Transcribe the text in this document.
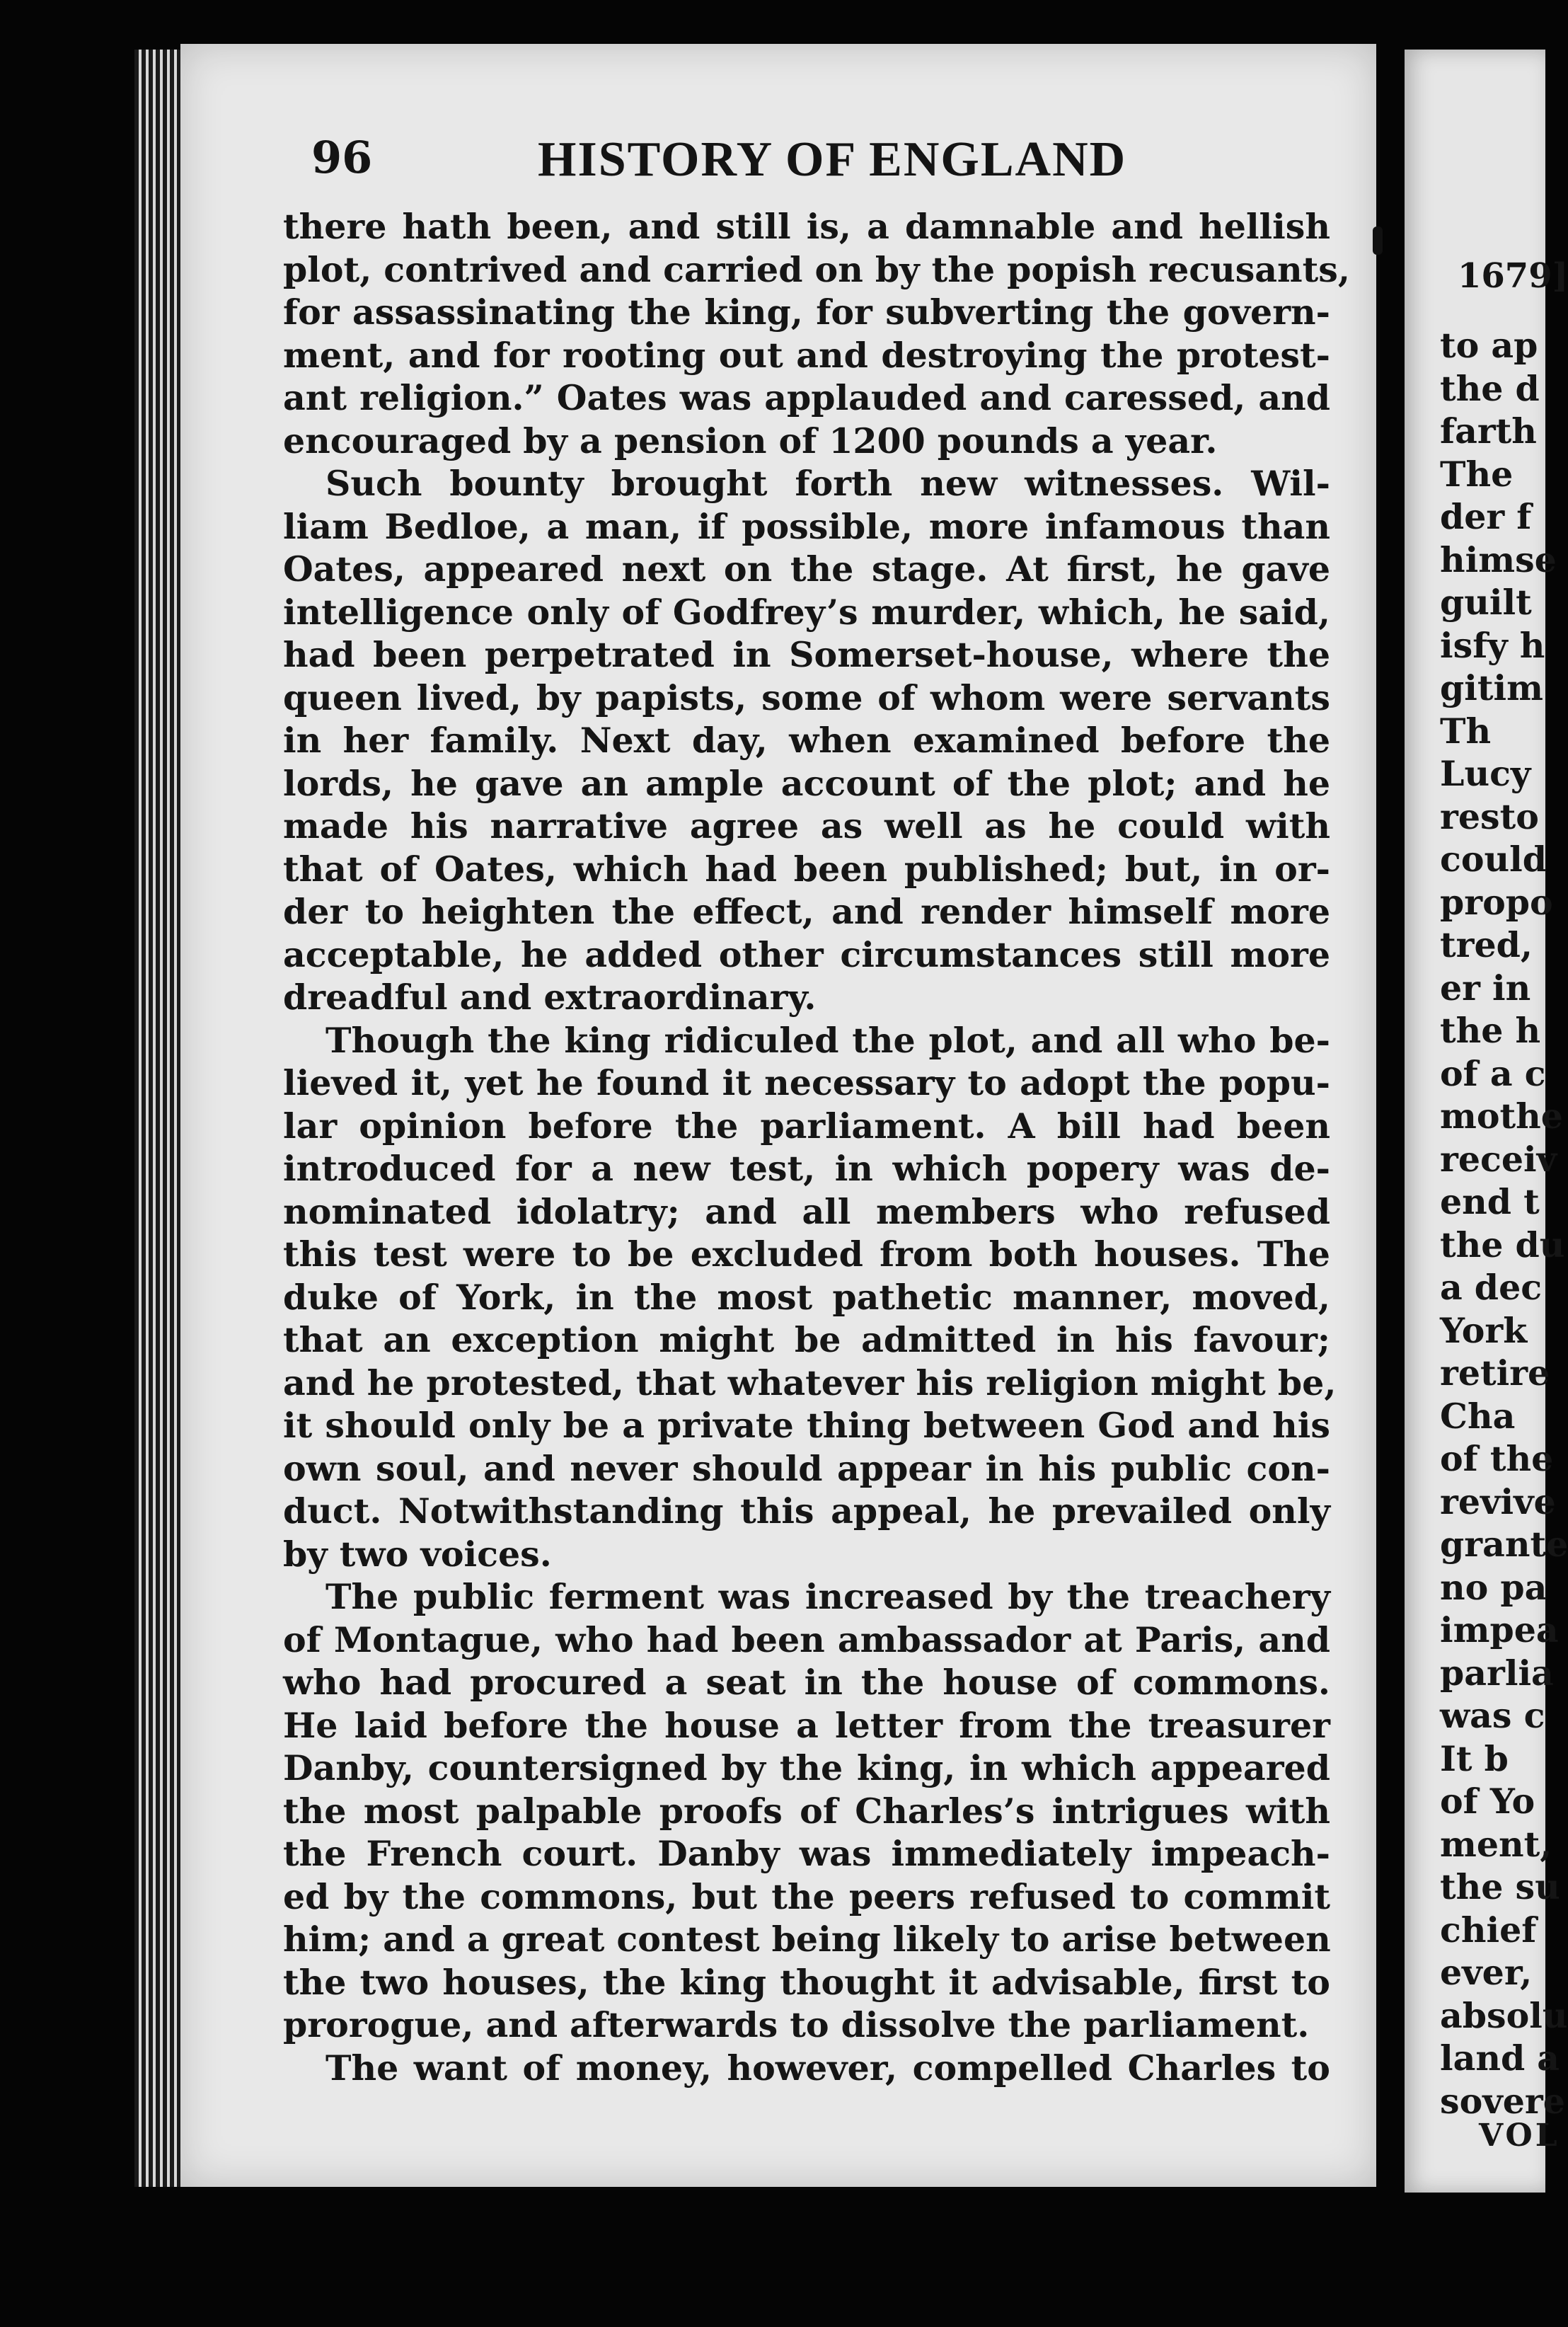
96	HISTORY OF ENGLAND
there hath been, and still is, a damnable and hellish
plot, contrived and carried on by the popish recusants,
for assassinating the king, for subverting the govern-
ment, and for rooting out and destroying the protest-
ant religion.” Oates was applauded and caressed, and
encouraged by a pension of 1200 pounds a year.
Such bounty brought forth new witnesses. Wil-
liam Bedloe, a man, if possible, more infamous than
Oates, appeared next on the stage. At first, he gave
intelligence only of Godfrey’s murder, which, he said,
had been perpetrated in Somerset-house, where the
queen lived, by papists, some of whom were servants
in her family. Next day, when examined before the
lords, he gave an ample account of the plot; and he
made his narrative agree as well as he could with
that of Oates, which had been published; but, in or-
der to heighten the effect, and render himself more
acceptable, he added other circumstances still more
dreadful and extraordinary.
Though the king ridiculed the plot, and all who be-
lieved it, yet he found it necessary to adopt the popu-
lar opinion before the parliament. A bill had been
introduced for a new test, in which popery was de-
nominated idolatry; and all members who refused
this test were to be excluded from both houses. The
duke of York, in the most pathetic manner, moved,
that an exception might be admitted in his favour;
and he protested, that whatever his religion might be,
it should only be a private thing between God and his
own soul, and never should appear in his public con-
duct. Notwithstanding this appeal, he prevailed only
by two voices.
The public ferment was increased by the treachery
of Montague, who had been ambassador at Paris, and
who had procured a seat in the house of commons.
He laid before the house a letter from the treasurer
Danby, countersigned by the king, in which appeared
the most palpable proofs of Charles’s intrigues with
the French court. Danby was immediately impeach-
ed by the commons, but the peers refused to commit
him; and a great contest being likely to arise between
the two houses, the king thought it advisable, first to
prorogue, and afterwards to dissolve the parliament.
The want of money, however, compelled Charles to
1679]
to ap
the d
farth
The
der f
himse
guilt
isfy h
gitim
Th
Lucy
resto
could
propo
tred,
er in
the h
of a c
mothe
receiv
end t
the du
a dec
York
retire
Cha
of the
revive
grante
no pa
impea
parlia
was c
It b
of Yo
ment,
the su
chief
ever,
absolu
land a
sovere
VOL
